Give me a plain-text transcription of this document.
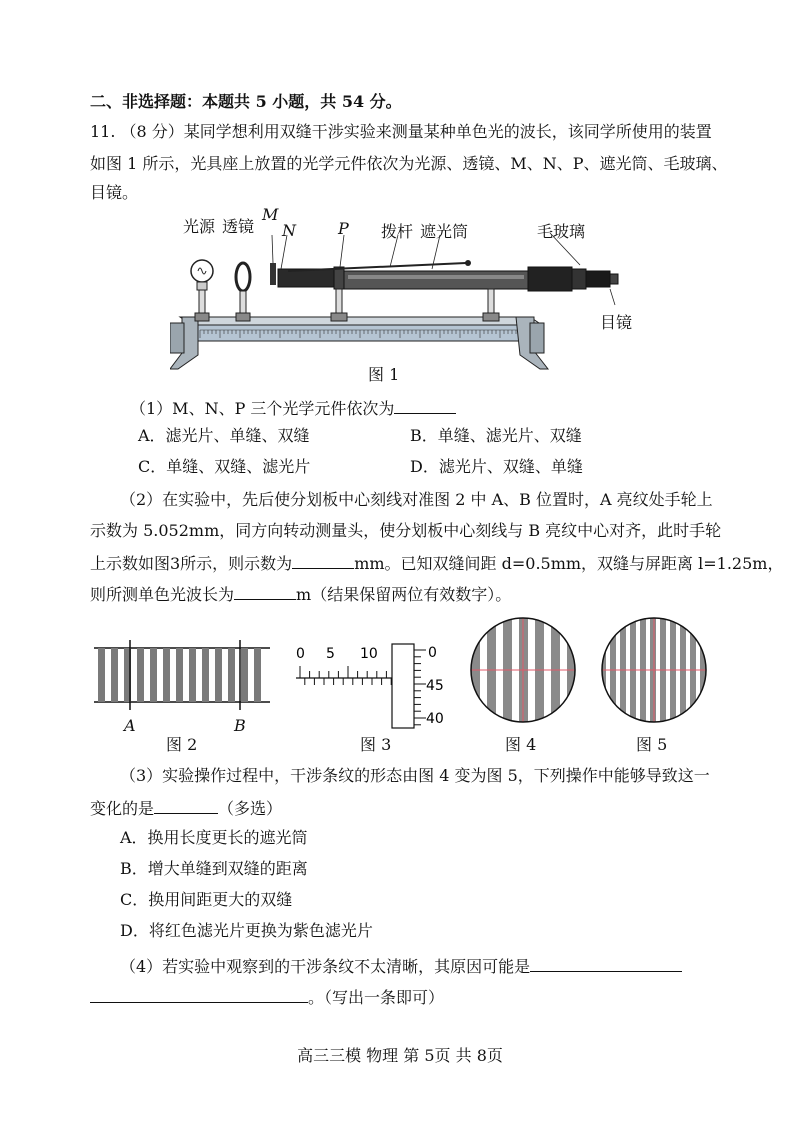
二、非选择题：本题共 5 小题，共 54 分。
11. （8 分）某同学想利用双缝干涉实验来测量某种单色光的波长，该同学所使用的装置
如图 1 所示，光具座上放置的光学元件依次为光源、透镜、M、N、P、遮光筒、毛玻璃、
目镜。
光源 透镜
M
N	P 拨杆 遮光筒	毛玻璃
目镜
图 1
（1）M、N、P 三个光学元件依次为
A．滤光片、单缝、双缝	B．单缝、滤光片、双缝
C．单缝、双缝、滤光片	D．滤光片、双缝、单缝
（2）在实验中，先后使分划板中心刻线对准图 2 中 A、B 位置时，A 亮纹处手轮上
示数为 5.052mm，同方向转动测量头，使分划板中心刻线与 B 亮纹中心对齐，此时手轮
上示数如图3所示，则示数为	mm。已知双缝间距 d=0.5mm，双缝与屏距离 l=1.25m，
则所测单色光波长为	m（结果保留两位有效数字）。
A	B
图 2
0 5 10	0
45
40
图 3	图 4	图 5
（3）实验操作过程中，干涉条纹的形态由图 4 变为图 5，下列操作中能够导致这一
变化的是	（多选）
A．换用长度更长的遮光筒
B．增大单缝到双缝的距离
C．换用间距更大的双缝
D．将红色滤光片更换为紫色滤光片
（4）若实验中观察到的干涉条纹不太清晰，其原因可能是
。（写出一条即可）
高三三模 物理 第 5页 共 8页
